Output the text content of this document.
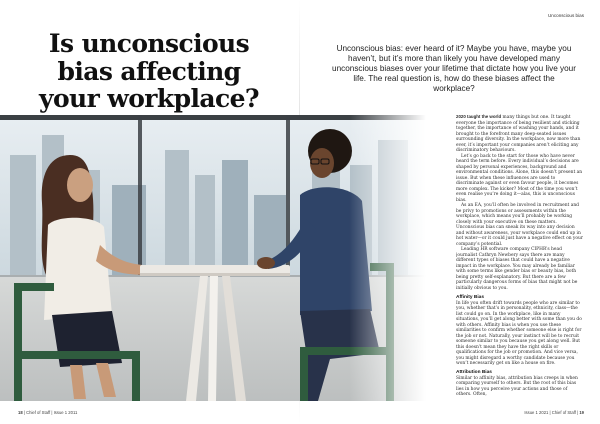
Unconscious bias
Is unconscious
bias affecting
your workplace?

Unconscious bias: ever heard of it? Maybe you have, maybe you haven’t, but it’s more than likely you have developed many unconscious biases over your lifetime that dictate how you live your life. The real question is, how do these biases affect the workplace?

2020 taught the world many things but one. It taught everyone the importance of being resilient and sticking together, the importance of washing your hands, and it brought to the forefront many deep-seated issues surrounding diversity. In the workplace, now more than ever, it’s important your companies aren’t eliciting any discriminatory behaviours.

Let’s go back to the start for those who have never heard the term before. Every individual’s decisions are shaped by personal experiences, background and environmental conditions. Alone, this doesn’t present an issue. But when these influences are used to discriminate against or even favour people, it becomes more complex. The kicker? Most of the time you won’t even realise you’re doing it—alas, this is unconscious bias.

As an EA, you’ll often be involved in recruitment and be privy to promotions or assessments within the workplace, which means you’ll probably be working closely with your executive on these matters. Unconscious bias can sneak its way into any decision and without awareness, your workplace could end up in hot water—or it could just have a negative effect on your company’s potential.

Leading HR software company CIPHR’s head journalist Cathryn Newbery says there are many different types of biases that could have a negative impact in the workplace. You may already be familiar with some terms like gender bias or beauty bias, both being pretty self-explanatory. But there are a few particularly dangerous forms of bias that might not be initially obvious to you.

Affinity Bias

In life you often drift towards people who are similar to you, whether that’s in personality, ethnicity, class—the list could go on. In the workplace, like in many situations, you’ll get along better with some than you do with others. Affinity bias is when you use these similarities to confirm whether someone else is right for the job or not. Naturally, your instinct will be to recruit someone similar to you because you get along well. But this doesn’t mean they have the right skills or qualifications for the job or promotion. And vice versa, you might disregard a worthy candidate because you won’t necessarily get on like a house on fire.

Attribution Bias

Similar to affinity bias, attribution bias creeps in when comparing yourself to others. But the root of this bias lies in how you perceive your actions and those of others. Often,

18 | Chief of Staff | Issue 1 2011	Issue 1 2021 | Chief of Staff | 19
